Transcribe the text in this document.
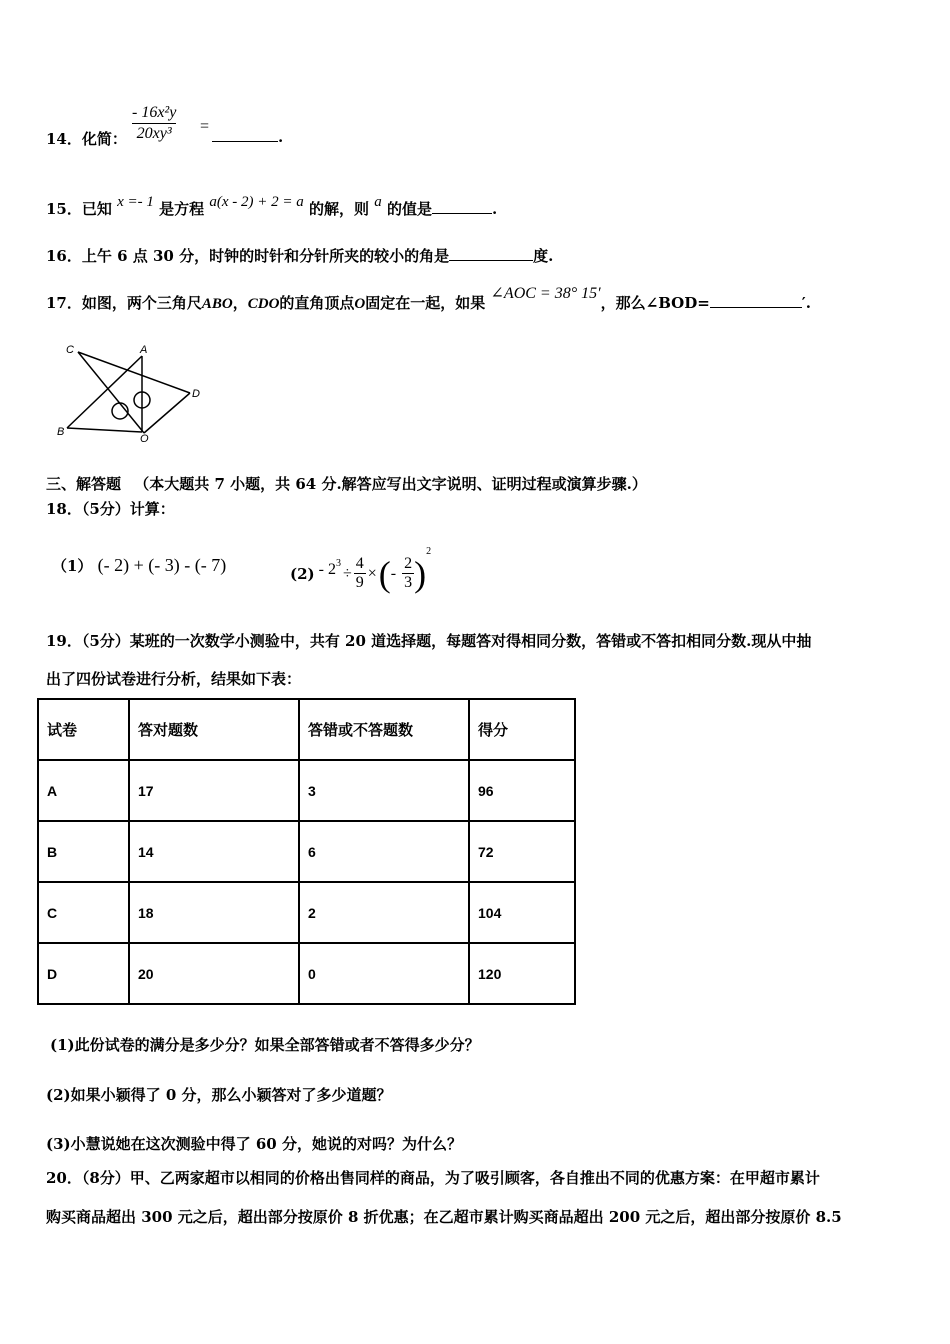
14．化简：
- 16x²y
20xy³ =
.
15．已知 x =- 1 是方程 a(x - 2) + 2 = a 的解，则 a 的值是	.
16．上午 6 点 30 分，时钟的时针和分针所夹的较小的角是	度.
17．如图，两个三角尺ABO，CDO的直角顶点O固定在一起，如果 ∠AOC = 38° 15′，那么∠BOD=	′.
C	A
D
B
O
三、解答题 （本大题共 7 小题，共 64 分.解答应写出文字说明、证明过程或演算步骤.）
18．（5分）计算：
（1） (- 2) + (- 3) - (- 7)	$(2) - 2^3$
÷
4
9
× ( -
2
3 )
$^2$
19．（5分）某班的一次数学小测验中，共有 20 道选择题，每题答对得相同分数，答错或不答扣相同分数.现从中抽
出了四份试卷进行分析，结果如下表：
试卷	答对题数	答错或不答题数	得分
A	17	3	96
B	14	6	72
C	18	2	104
D	20	0	120
(1)此份试卷的满分是多少分？如果全部答错或者不答得多少分？
(2)如果小颖得了 0 分，那么小颖答对了多少道题？
(3)小慧说她在这次测验中得了 60 分，她说的对吗？为什么？
20．（8分）甲、乙两家超市以相同的价格出售同样的商品，为了吸引顾客，各自推出不同的优惠方案：在甲超市累计
购买商品超出 300 元之后，超出部分按原价 8 折优惠；在乙超市累计购买商品超出 200 元之后，超出部分按原价 8.5
